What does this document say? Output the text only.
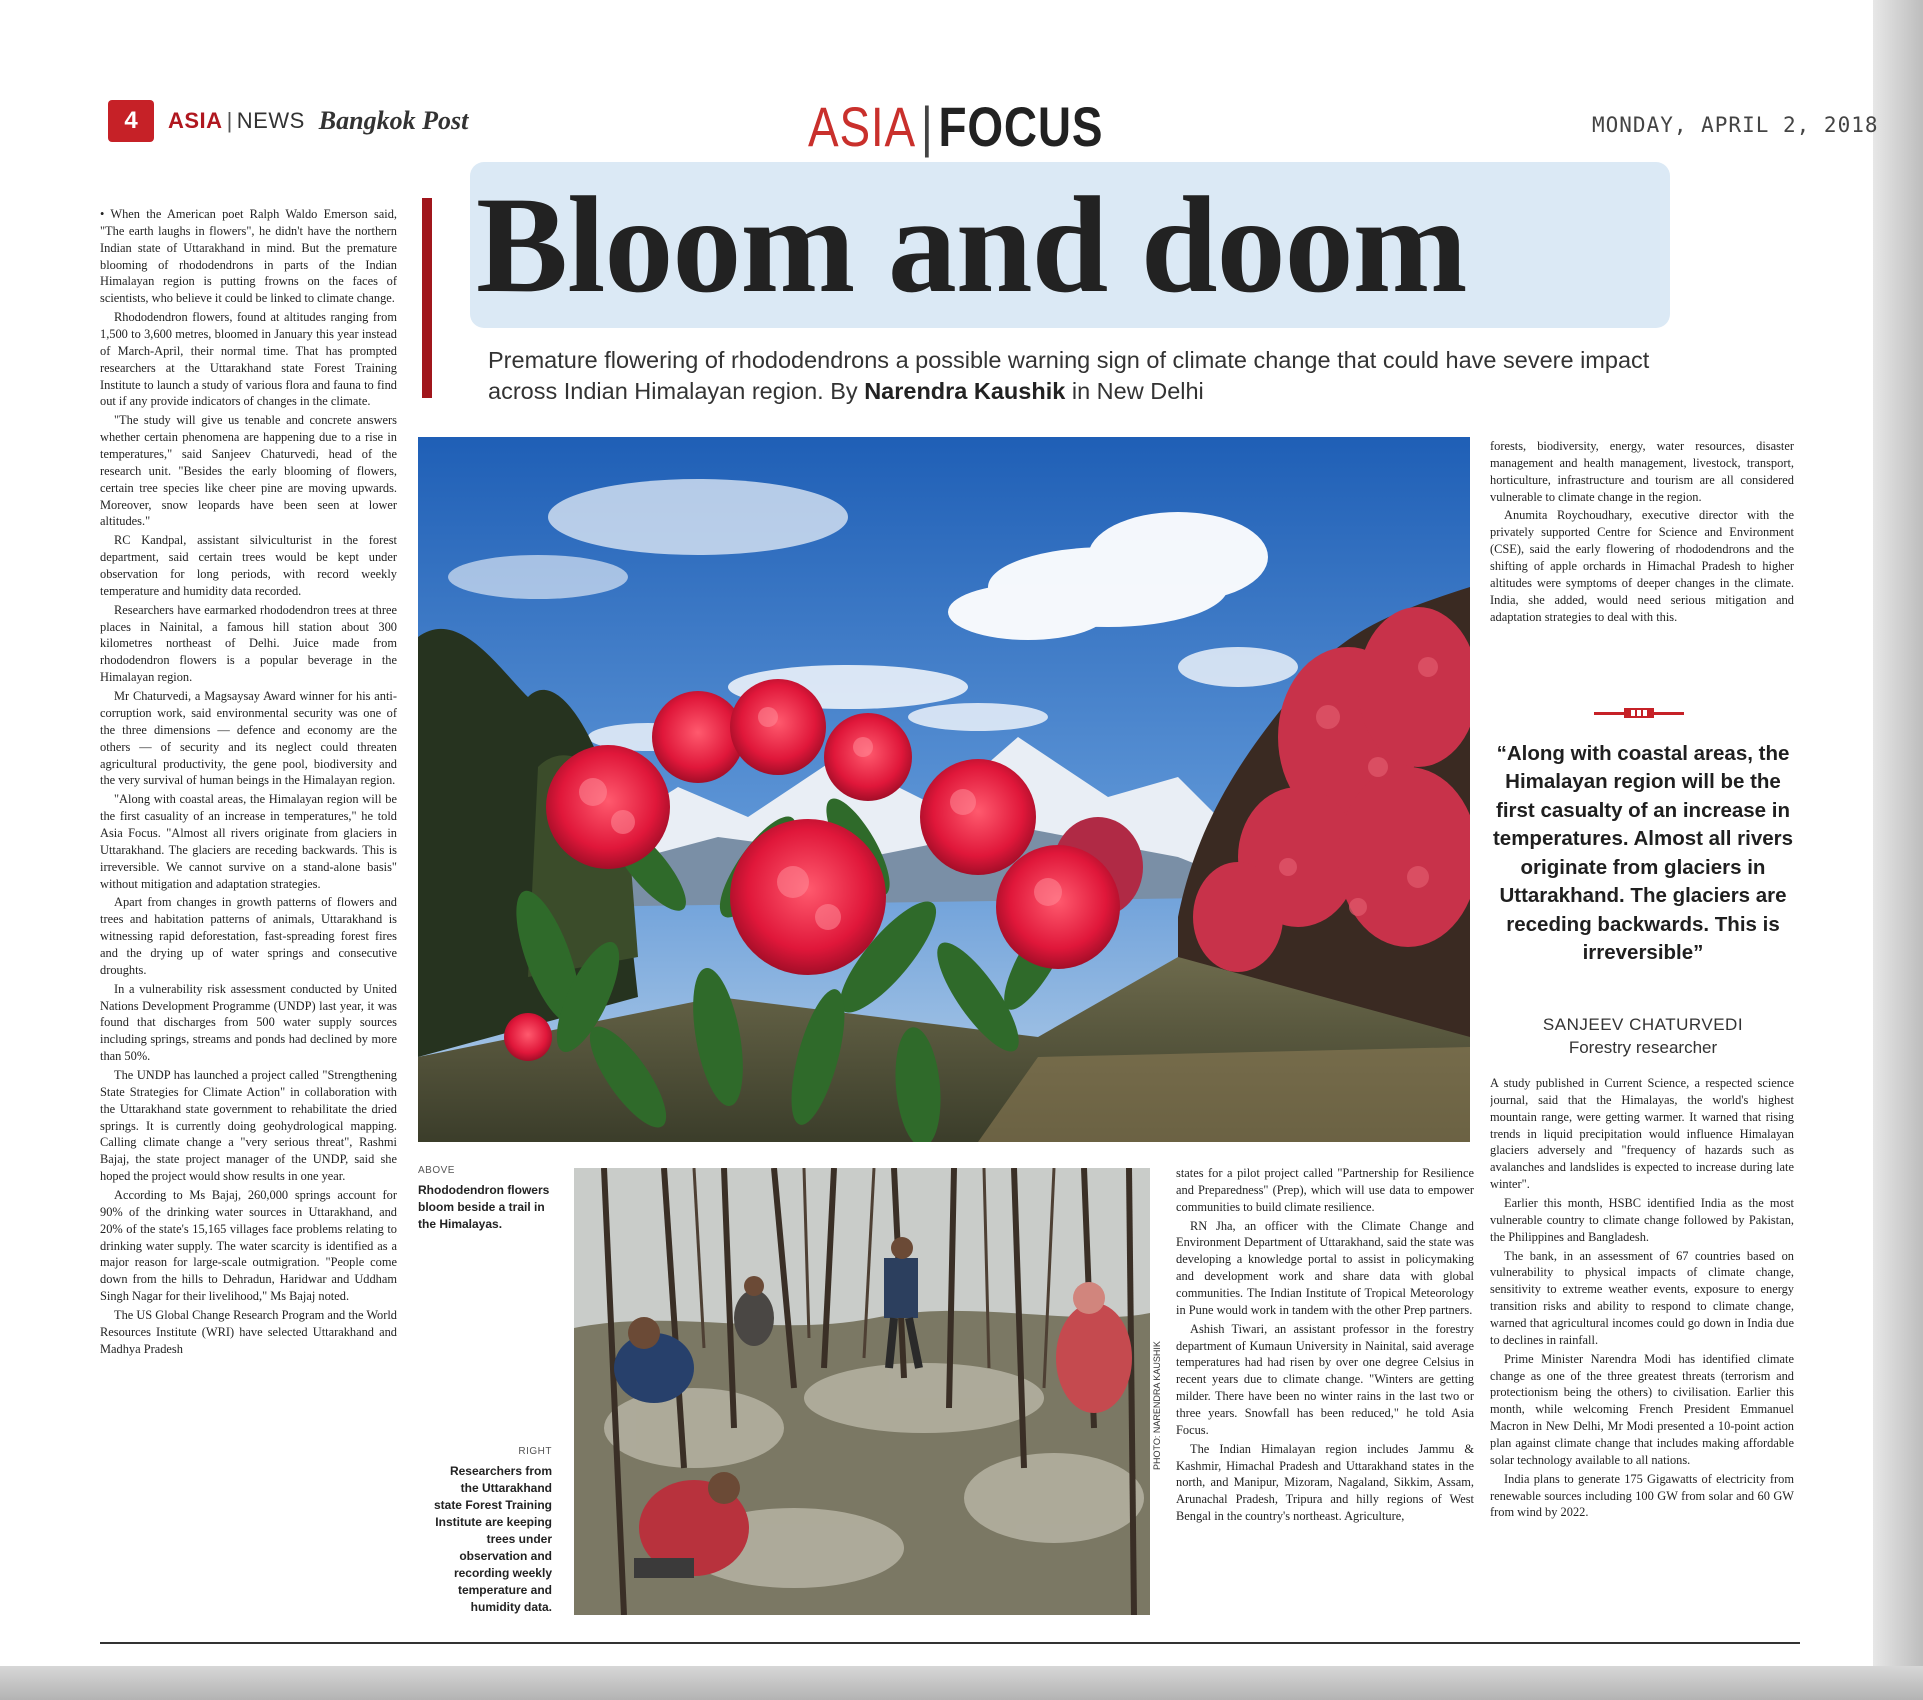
4	ASIA | NEWS Bangkok Post	ASIA|FOCUS	MONDAY, APRIL 2, 2018
Bloom and doom
Premature flowering of rhododendrons a possible warning sign of climate change that could have severe impact across Indian Himalayan region. By Narendra Kaushik in New Delhi

• When the American poet Ralph Waldo Emerson said, "The earth laughs in flowers", he didn't have the northern Indian state of Uttarakhand in mind. But the premature blooming of rhododendrons in parts of the Indian Himalayan region is putting frowns on the faces of scientists, who believe it could be linked to climate change.

Rhododendron flowers, found at altitudes ranging from 1,500 to 3,600 metres, bloomed in January this year instead of March-April, their normal time. That has prompted researchers at the Uttarakhand state Forest Training Institute to launch a study of various flora and fauna to find out if any provide indicators of changes in the climate.

"The study will give us tenable and concrete answers whether certain phenomena are happening due to a rise in temperatures," said Sanjeev Chaturvedi, head of the research unit. "Besides the early blooming of flowers, certain tree species like cheer pine are moving upwards. Moreover, snow leopards have been seen at lower altitudes."

RC Kandpal, assistant silviculturist in the forest department, said certain trees would be kept under observation for long periods, with record weekly temperature and humidity data recorded.

Researchers have earmarked rhododendron trees at three places in Nainital, a famous hill station about 300 kilometres northeast of Delhi. Juice made from rhododendron flowers is a popular beverage in the Himalayan region.

Mr Chaturvedi, a Magsaysay Award winner for his anti-corruption work, said environmental security was one of the three dimensions — defence and economy are the others — of security and its neglect could threaten agricultural productivity, the gene pool, biodiversity and the very survival of human beings in the Himalayan region.

"Along with coastal areas, the Himalayan region will be the first casuality of an increase in temperatures," he told Asia Focus. "Almost all rivers originate from glaciers in Uttarakhand. The glaciers are receding backwards. This is irreversible. We cannot survive on a stand-alone basis" without mitigation and adaptation strategies.

Apart from changes in growth patterns of flowers and trees and habitation patterns of animals, Uttarakhand is witnessing rapid deforestation, fast-spreading forest fires and the drying up of water springs and consecutive droughts.

In a vulnerability risk assessment conducted by United Nations Development Programme (UNDP) last year, it was found that discharges from 500 water supply sources including springs, streams and ponds had declined by more than 50%.

The UNDP has launched a project called "Strengthening State Strategies for Climate Action" in collaboration with the Uttarakhand state government to rehabilitate the dried springs. It is currently doing geohydrological mapping. Calling climate change a "very serious threat", Rashmi Bajaj, the state project manager of the UNDP, said she hoped the project would show results in one year.

According to Ms Bajaj, 260,000 springs account for 90% of the drinking water sources in Uttarakhand, and 20% of the state's 15,165 villages face problems relating to drinking water supply. The water scarcity is identified as a major reason for large-scale outmigration. "People come down from the hills to Dehradun, Haridwar and Uddham Singh Nagar for their livelihood," Ms Bajaj noted.

The US Global Change Research Program and the World Resources Institute (WRI) have selected Uttarakhand and Madhya Pradesh

ABOVE
Rhododendron flowers bloom beside a trail in the Himalayas.
PHOTO: NARENDRA KAUSHIK
RIGHT
Researchers from the Uttarakhand state Forest Training Institute are keeping trees under observation and recording weekly temperature and humidity data.

states for a pilot project called "Partnership for Resilience and Preparedness" (Prep), which will use data to empower communities to build climate resilience.

RN Jha, an officer with the Climate Change and Environment Department of Uttarakhand, said the state was developing a knowledge portal to assist in policymaking and development work and share data with global communities. The Indian Institute of Tropical Meteorology in Pune would work in tandem with the other Prep partners.

Ashish Tiwari, an assistant professor in the forestry department of Kumaun University in Nainital, said average temperatures had had risen by over one degree Celsius in recent years due to climate change. "Winters are getting milder. There have been no winter rains in the last two or three years. Snowfall has been reduced," he told Asia Focus.

The Indian Himalayan region includes Jammu & Kashmir, Himachal Pradesh and Uttarakhand states in the north, and Manipur, Mizoram, Nagaland, Sikkim, Assam, Arunachal Pradesh, Tripura and hilly regions of West Bengal in the country's northeast. Agriculture,

forests, biodiversity, energy, water resources, disaster management and health management, livestock, transport, horticulture, infrastructure and tourism are all considered vulnerable to climate change in the region.

Anumita Roychoudhary, executive director with the privately supported Centre for Science and Environment (CSE), said the early flowering of rhododendrons and the shifting of apple orchards in Himachal Pradesh to higher altitudes were symptoms of deeper changes in the climate. India, she added, would need serious mitigation and adaptation strategies to deal with this.

“Along with coastal areas, the Himalayan region will be the first casualty of an increase in temperatures. Almost all rivers originate from glaciers in Uttarakhand. The glaciers are receding backwards. This is irreversible”
SANJEEV CHATURVEDI
Forestry researcher

A study published in Current Science, a respected science journal, said that the Himalayas, the world's highest mountain range, were getting warmer. It warned that rising trends in liquid precipitation would influence Himalayan glaciers adversely and "frequency of hazards such as avalanches and landslides is expected to increase during late winter".

Earlier this month, HSBC identified India as the most vulnerable country to climate change followed by Pakistan, the Philippines and Bangladesh.

The bank, in an assessment of 67 countries based on vulnerability to physical impacts of climate change, sensitivity to extreme weather events, exposure to energy transition risks and ability to respond to climate change, warned that agricultural incomes could go down in India due to declines in rainfall.

Prime Minister Narendra Modi has identified climate change as one of the three greatest threats (terrorism and protectionism being the others) to civilisation. Earlier this month, while welcoming French President Emmanuel Macron in New Delhi, Mr Modi presented a 10-point action plan against climate change that includes making affordable solar technology available to all nations.

India plans to generate 175 Gigawatts of electricity from renewable sources including 100 GW from solar and 60 GW from wind by 2022.
